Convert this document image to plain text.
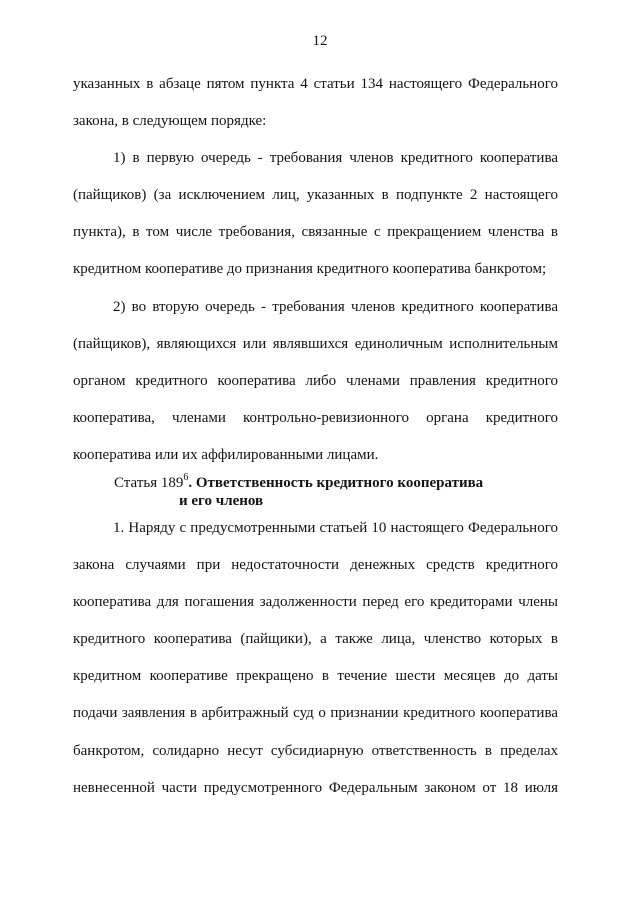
12
указанных в абзаце пятом пункта 4 статьи 134 настоящего Федерального
закона, в следующем порядке:
1) в первую очередь - требования членов кредитного кооператива
(пайщиков) (за исключением лиц, указанных в подпункте 2 настоящего
пункта), в том числе требования, связанные с прекращением членства в
кредитном кооперативе до признания кредитного кооператива банкротом;
2) во вторую очередь - требования членов кредитного кооператива
(пайщиков), являющихся или являвшихся единоличным исполнительным
органом кредитного кооператива либо членами правления кредитного
кооператива, членами контрольно-ревизионного органа кредитного
кооператива или их аффилированными лицами.
Статья $189^6$. Ответственность кредитного кооператива
и его членов
1. Наряду с предусмотренными статьей 10 настоящего Федерального
закона случаями при недостаточности денежных средств кредитного
кооператива для погашения задолженности перед его кредиторами члены
кредитного кооператива (пайщики), а также лица, членство которых в
кредитном кооперативе прекращено в течение шести месяцев до даты
подачи заявления в арбитражный суд о признании кредитного кооператива
банкротом, солидарно несут субсидиарную ответственность в пределах
невнесенной части предусмотренного Федеральным законом от 18 июля
